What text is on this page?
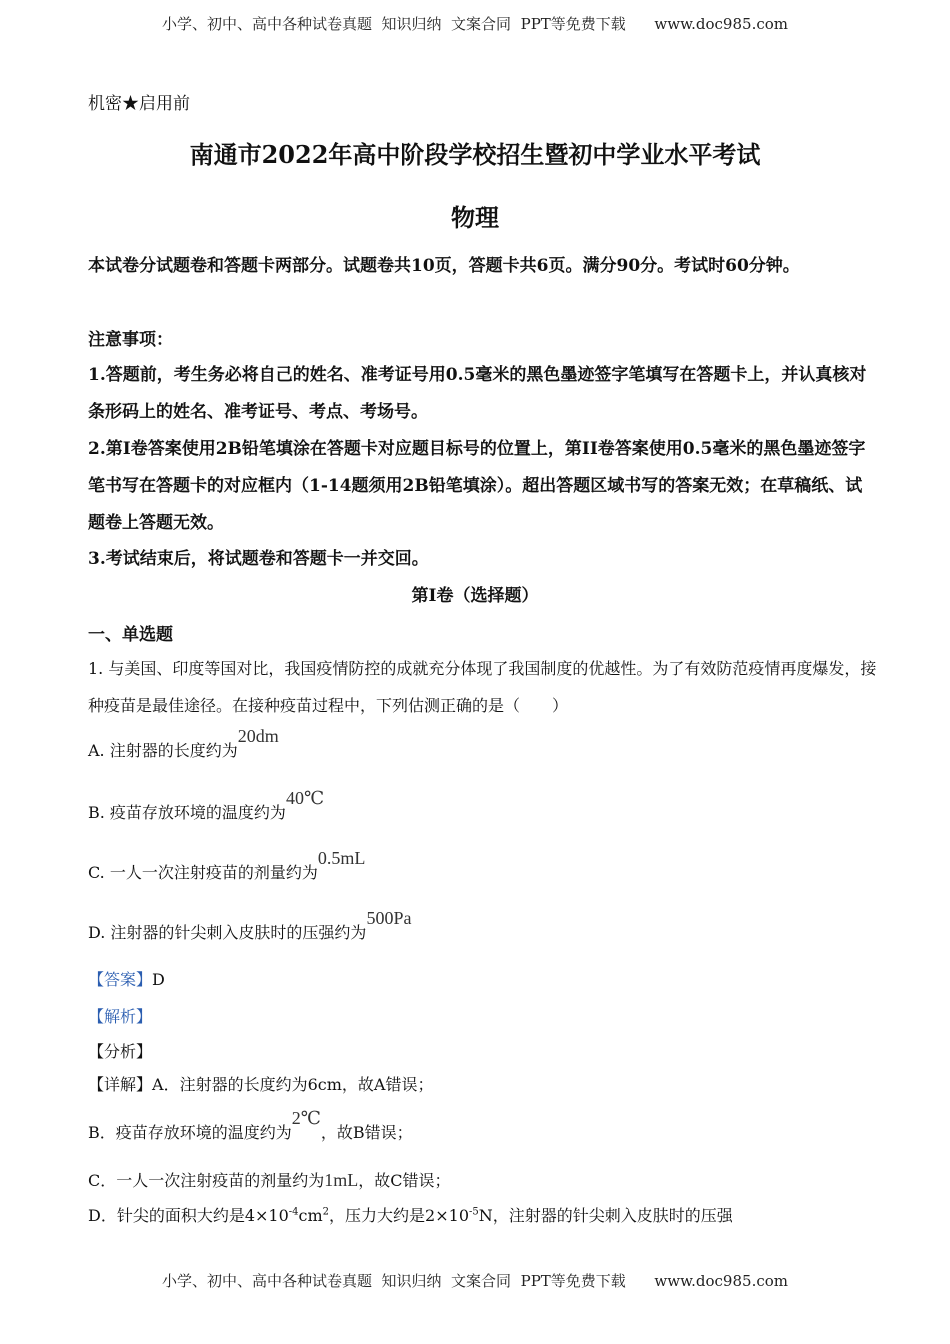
小学、初中、高中各种试卷真题  知识归纳  文案合同  PPT等免费下载      www.doc985.com
机密★启用前
南通市2022年高中阶段学校招生暨初中学业水平考试
物理
本试卷分试题卷和答题卡两部分。试题卷共10页，答题卡共6页。满分90分。考试时60分钟。
注意事项：
1.答题前，考生务必将自己的姓名、准考证号用0.5毫米的黑色墨迹签字笔填写在答题卡上，并认真核对条形码上的姓名、准考证号、考点、考场号。
2.第I卷答案使用2B铅笔填涂在答题卡对应题目标号的位置上，第II卷答案使用0.5毫米的黑色墨迹签字笔书写在答题卡的对应框内（1-14题须用2B铅笔填涂）。超出答题区域书写的答案无效；在草稿纸、试题卷上答题无效。
3.考试结束后，将试题卷和答题卡一并交回。
第I卷（选择题）
一、单选题
1. 与美国、印度等国对比，我国疫情防控的成就充分体现了我国制度的优越性。为了有效防范疫情再度爆发，接种疫苗是最佳途径。在接种疫苗过程中，下列估测正确的是（　　）
A. 注射器的长度约为20dm
B. 疫苗存放环境的温度约为40℃
C. 一人一次注射疫苗的剂量约为0.5mL
D. 注射器的针尖刺入皮肤时的压强约为500Pa
【答案】D
【解析】
【分析】
【详解】A．注射器的长度约为6cm，故A错误；
B．疫苗存放环境的温度约为2℃，故B错误；
C．一人一次注射疫苗的剂量约为1mL，故C错误；
D．针尖的面积大约是$4\times 10^{-4}cm^2$，压力大约是$2\times 10^{-5}N$，注射器的针尖刺入皮肤时的压强
小学、初中、高中各种试卷真题  知识归纳  文案合同  PPT等免费下载      www.doc985.com
